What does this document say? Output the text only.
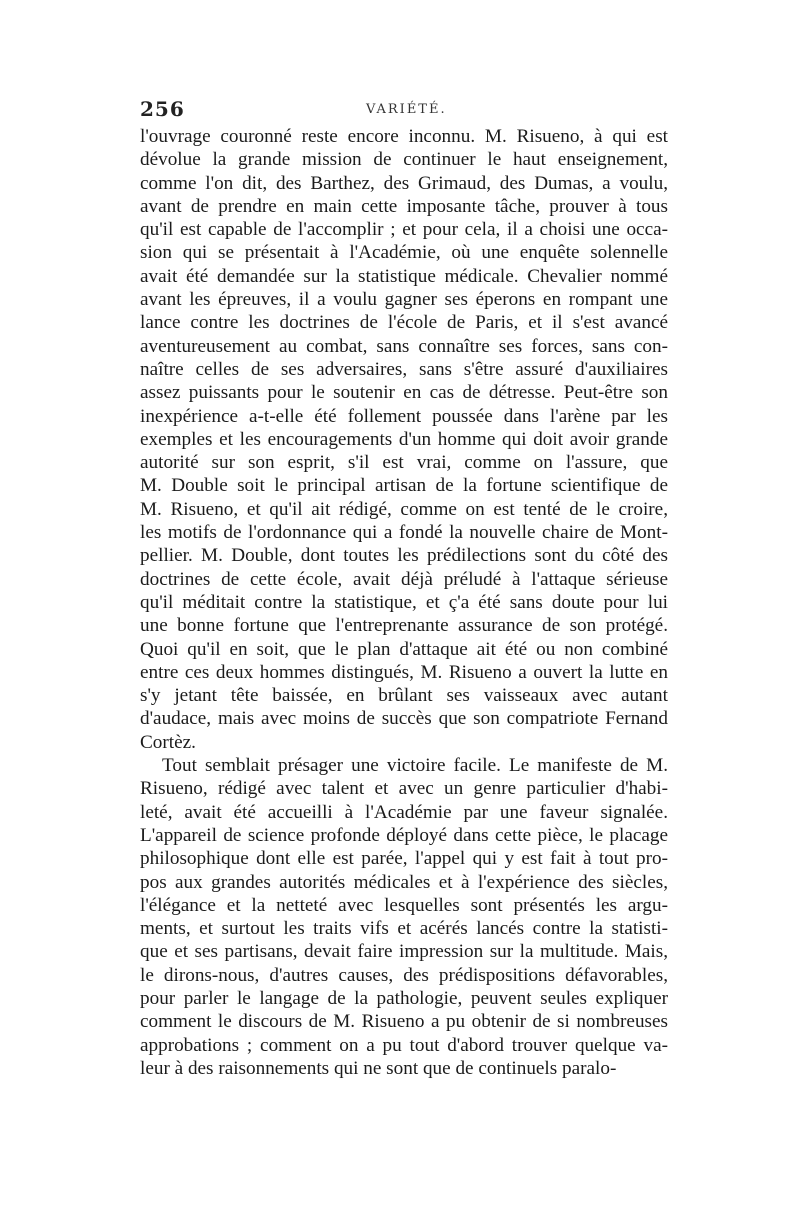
256	VARIÉTÉ.
l'ouvrage couronné reste encore inconnu. M. Risueno, à qui est
dévolue la grande mission de continuer le haut enseignement,
comme l'on dit, des Barthez, des Grimaud, des Dumas, a voulu,
avant de prendre en main cette imposante tâche, prouver à tous
qu'il est capable de l'accomplir ; et pour cela, il a choisi une occa-
sion qui se présentait à l'Académie, où une enquête solennelle
avait été demandée sur la statistique médicale. Chevalier nommé
avant les épreuves, il a voulu gagner ses éperons en rompant une
lance contre les doctrines de l'école de Paris, et il s'est avancé
aventureusement au combat, sans connaître ses forces, sans con-
naître celles de ses adversaires, sans s'être assuré d'auxiliaires
assez puissants pour le soutenir en cas de détresse. Peut-être son
inexpérience a-t-elle été follement poussée dans l'arène par les
exemples et les encouragements d'un homme qui doit avoir grande
autorité sur son esprit, s'il est vrai, comme on l'assure, que
M. Double soit le principal artisan de la fortune scientifique de
M. Risueno, et qu'il ait rédigé, comme on est tenté de le croire,
les motifs de l'ordonnance qui a fondé la nouvelle chaire de Mont-
pellier. M. Double, dont toutes les prédilections sont du côté des
doctrines de cette école, avait déjà préludé à l'attaque sérieuse
qu'il méditait contre la statistique, et ç'a été sans doute pour lui
une bonne fortune que l'entreprenante assurance de son protégé.
Quoi qu'il en soit, que le plan d'attaque ait été ou non combiné
entre ces deux hommes distingués, M. Risueno a ouvert la lutte en
s'y jetant tête baissée, en brûlant ses vaisseaux avec autant
d'audace, mais avec moins de succès que son compatriote Fernand
Cortèz.
Tout semblait présager une victoire facile. Le manifeste de M.
Risueno, rédigé avec talent et avec un genre particulier d'habi-
leté, avait été accueilli à l'Académie par une faveur signalée.
L'appareil de science profonde déployé dans cette pièce, le placage
philosophique dont elle est parée, l'appel qui y est fait à tout pro-
pos aux grandes autorités médicales et à l'expérience des siècles,
l'élégance et la netteté avec lesquelles sont présentés les argu-
ments, et surtout les traits vifs et acérés lancés contre la statisti-
que et ses partisans, devait faire impression sur la multitude. Mais,
le dirons-nous, d'autres causes, des prédispositions défavorables,
pour parler le langage de la pathologie, peuvent seules expliquer
comment le discours de M. Risueno a pu obtenir de si nombreuses
approbations ; comment on a pu tout d'abord trouver quelque va-
leur à des raisonnements qui ne sont que de continuels paralo-
